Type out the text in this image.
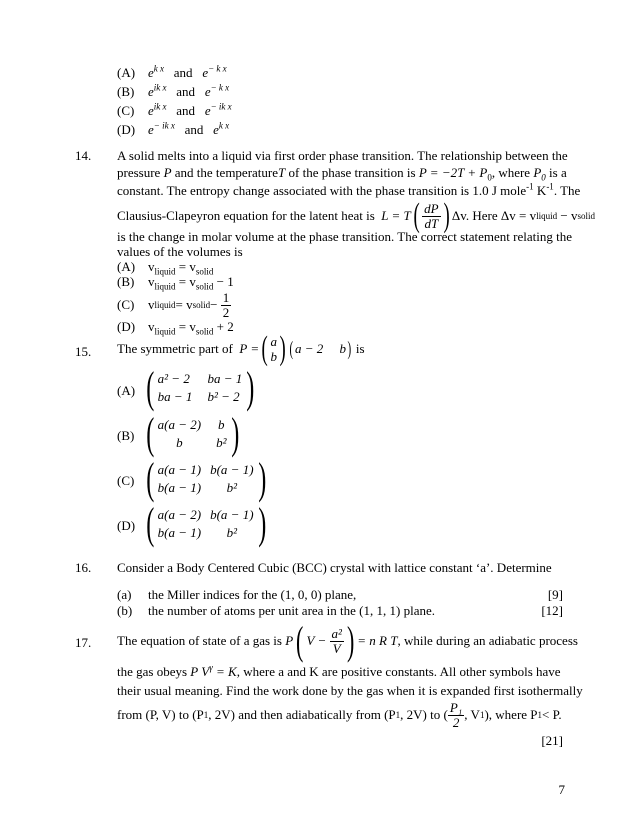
(A) $e^{k x}$ and $e^{- k x}$
(B) $e^{ik x}$ and $e^{- k x}$
(C) $e^{ik x}$ and $e^{- ik x}$
(D) $e^{- ik x}$ and $e^{k x}$
14. A solid melts into a liquid via first order phase transition. The relationship between the
pressure P and the temperatureT of the phase transition is $P = -2T + P_0$, where $P_0$ is a
constant. The entropy change associated with the phase transition is 1.0 J mole$^{-1}$ $K^{-1}$. The
Clausius-Clapeyron equation for the latent heat is
L = T ( $\frac{dP}{dT}$ ) Δv. Here Δv = v liquid
− v solid
is the change in molar volume at the phase transition. The correct statement relating the
values of the volumes is
(A) $v_{liquid} = v_{solid}$
(B) $v_{liquid} = v_{solid} - 1$
(C) v liquid = v solid −
$\frac{1}{2}$
(D) $v_{liquid} = v_{solid} + 2$
15. The symmetric part of
P = ( a
b ) ( a − 2     b )
is
(A) ( a² − 2	ba − 1
ba − 1	b² − 2 )
(B) ( a(a − 2)	b
b	b² )
(C) ( a(a − 1)	b(a − 1)
b(a − 1)	b² )
(D) ( a(a − 2)	b(a − 1)
b(a − 1)	b² )
16. Consider a Body Centered Cubic (BCC) crystal with lattice constant ‘a’. Determine
(a) the Miller indices for the (1, 0, 0) plane,	[9]
(b) the number of atoms per unit area in the (1, 1, 1) plane.	[12]
17. The equation of state of a gas is
P ( V −
$\frac{\text{a²}}{V}$ ) = n R T , while during an adiabatic process
the gas obeys P $V^\gamma = K$, where a and K are positive constants. All other symbols have
their usual meaning. Find the work done by the gas when it is expanded first isothermally
from (P, V) to (P 1 , 2V) and then adiabatically from (P 1 , 2V) to ( $\frac{\text{P₁}}{2}$ , V 1 ), where P 1 < P.
[21]
7
